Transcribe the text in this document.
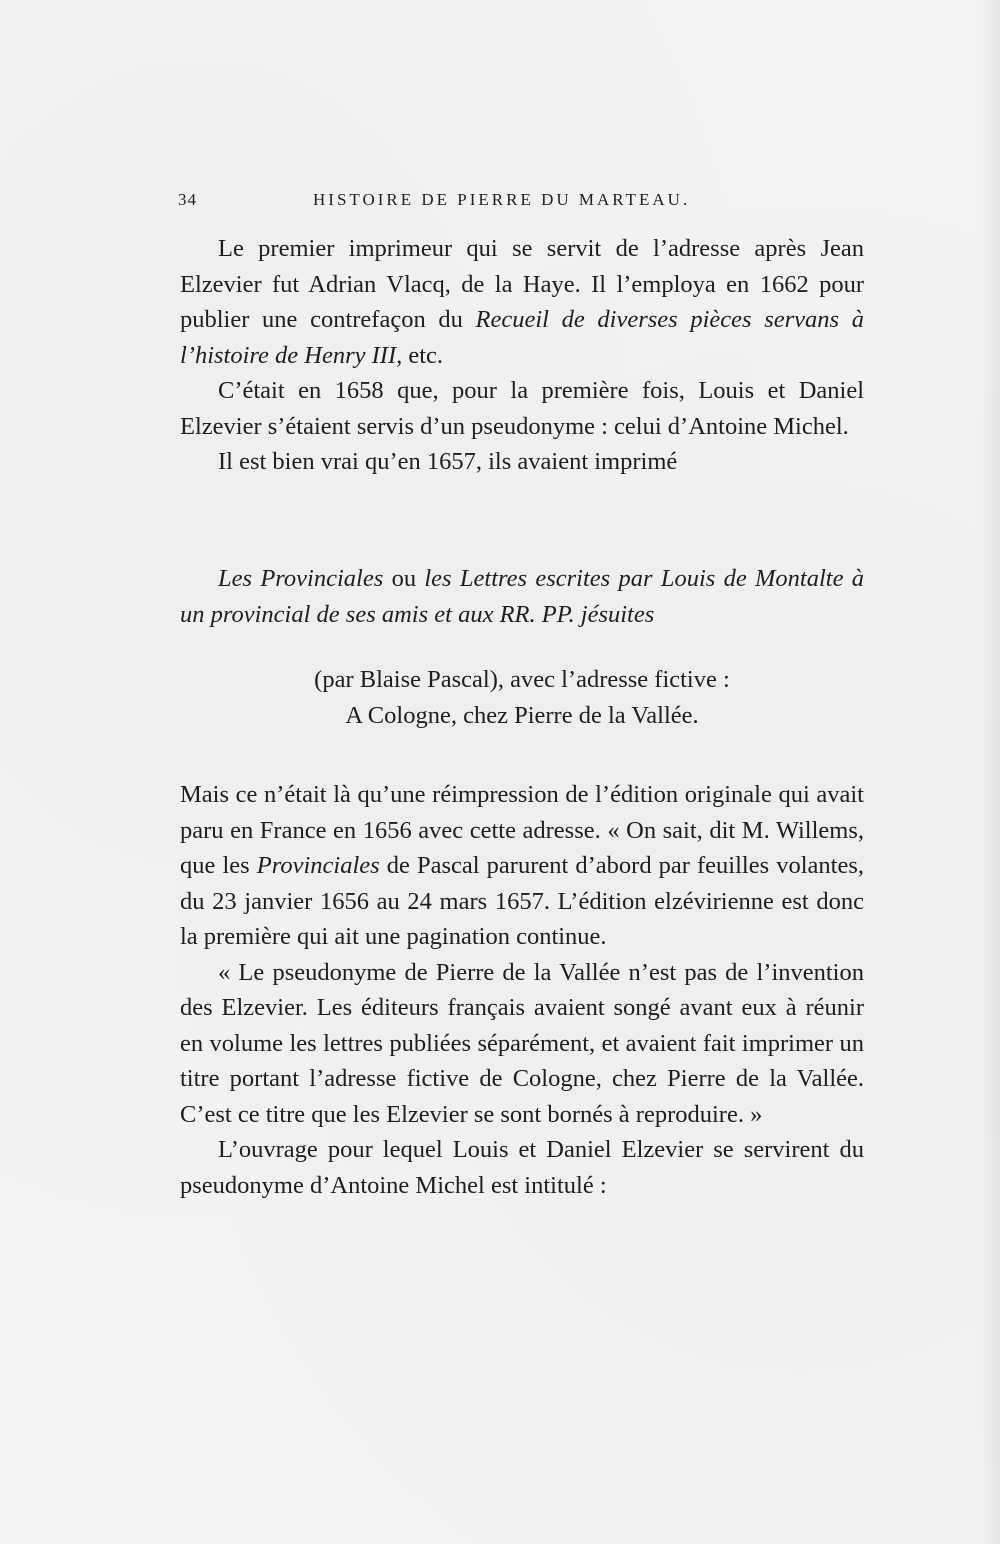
34	HISTOIRE DE PIERRE DU MARTEAU.

Le premier imprimeur qui se servit de l’adresse après Jean Elzevier fut Adrian Vlacq, de la Haye. Il l’employa en 1662 pour publier une contrefaçon du Recueil de diverses pièces servans à l’histoire de Henry III, etc.

C’était en 1658 que, pour la première fois, Louis et Daniel Elzevier s’étaient servis d’un pseudonyme : celui d’Antoine Michel.

Il est bien vrai qu’en 1657, ils avaient imprimé

Les Provinciales ou les Lettres escrites par Louis de Montalte à un provincial de ses amis et aux RR. PP. jésuites

(par Blaise Pascal), avec l’adresse fictive :

A Cologne, chez Pierre de la Vallée.

Mais ce n’était là qu’une réimpression de l’édition originale qui avait paru en France en 1656 avec cette adresse. « On sait, dit M. Willems, que les Provinciales de Pascal parurent d’abord par feuilles volantes, du 23 janvier 1656 au 24 mars 1657. L’édition elzévirienne est donc la première qui ait une pagination continue.

« Le pseudonyme de Pierre de la Vallée n’est pas de l’invention des Elzevier. Les éditeurs français avaient songé avant eux à réunir en volume les lettres publiées séparément, et avaient fait imprimer un titre portant l’adresse fictive de Cologne, chez Pierre de la Vallée. C’est ce titre que les Elzevier se sont bornés à reproduire. »

L’ouvrage pour lequel Louis et Daniel Elzevier se servirent du pseudonyme d’Antoine Michel est intitulé :
